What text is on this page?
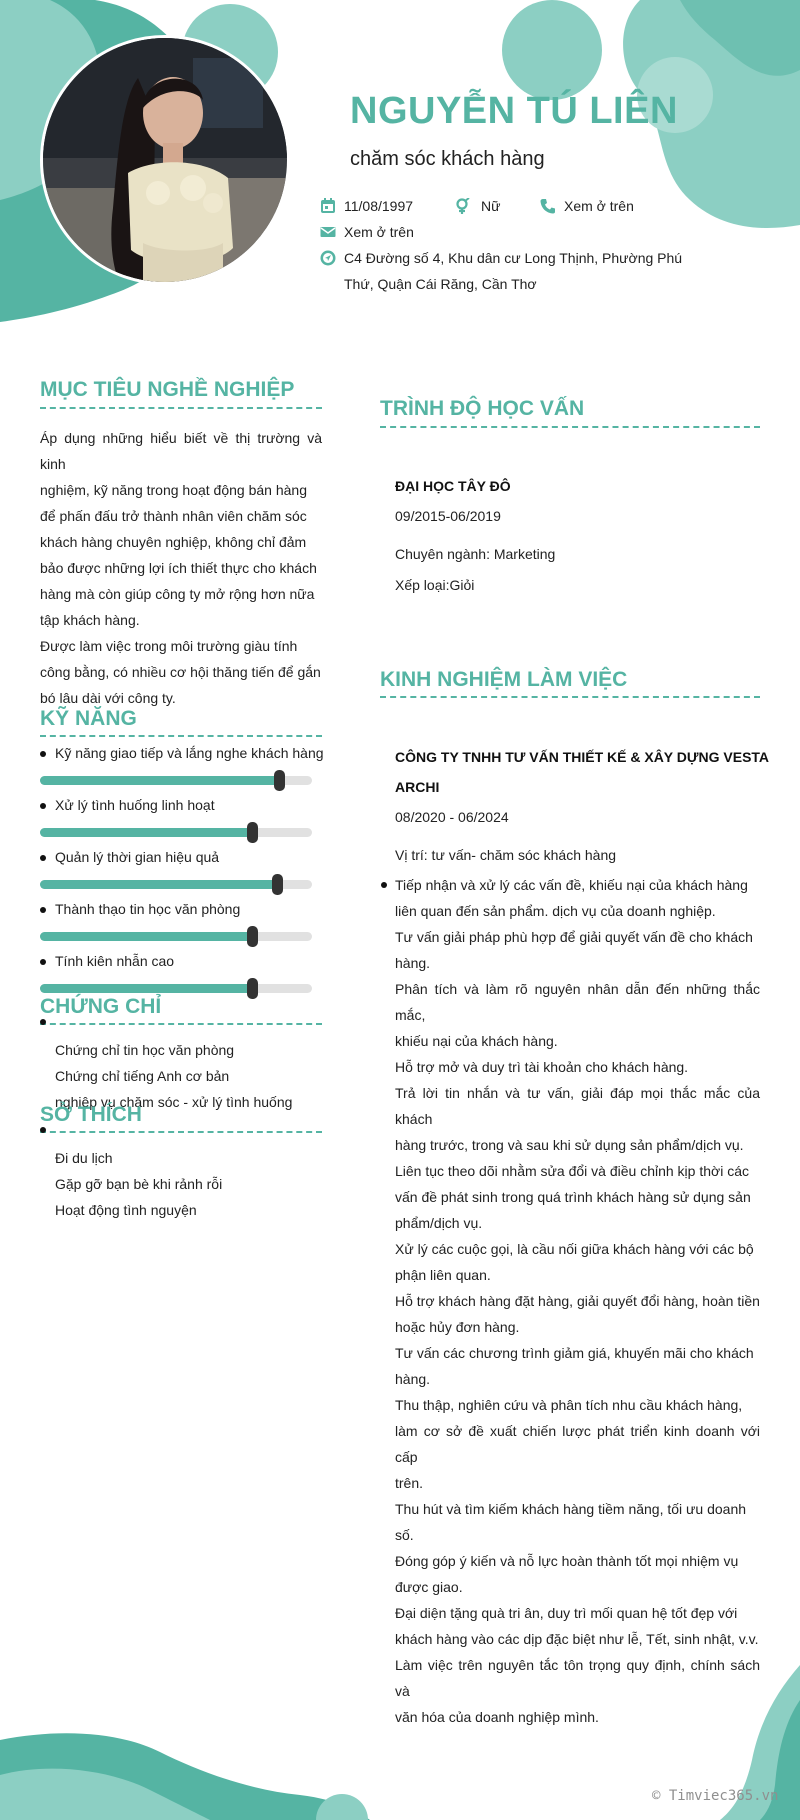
NGUYỄN TÚ LIÊN
chăm sóc khách hàng
11/08/1997	Nữ	Xem ở trên
Xem ở trên
C4 Đường số 4, Khu dân cư Long Thịnh, Phường Phú
Thứ, Quận Cái Răng, Cần Thơ
MỤC TIÊU NGHỀ NGHIỆP
Áp dụng những hiểu biết về thị trường và kinh
nghiệm, kỹ năng trong hoạt động bán hàng
để phấn đấu trở thành nhân viên chăm sóc
khách hàng chuyên nghiệp, không chỉ đảm
bảo được những lợi ích thiết thực cho khách
hàng mà còn giúp công ty mở rộng hơn nữa
tập khách hàng.
Được làm việc trong môi trường giàu tính
công bằng, có nhiều cơ hội thăng tiến để gắn
bó lâu dài với công ty.
KỸ NĂNG
Kỹ năng giao tiếp và lắng nghe khách hàng
Xử lý tình huống linh hoạt
Quản lý thời gian hiệu quả
Thành thạo tin học văn phòng
Tính kiên nhẫn cao
CHỨNG CHỈ
Chứng chỉ tin học văn phòng
Chứng chỉ tiếng Anh cơ bản
nghiệp vụ chăm sóc - xử lý tình huống
SỞ THÍCH
Đi du lịch
Gặp gỡ bạn bè khi rảnh rỗi
Hoạt động tình nguyện
TRÌNH ĐỘ HỌC VẤN
ĐẠI HỌC TÂY ĐÔ
09/2015-06/2019
Chuyên ngành: Marketing
Xếp loại:Giỏi
KINH NGHIỆM LÀM VIỆC
CÔNG TY TNHH TƯ VẤN THIẾT KẾ & XÂY DỰNG VESTA
ARCHI
08/2020 - 06/2024
Vị trí: tư vấn- chăm sóc khách hàng
Tiếp nhận và xử lý các vấn đề, khiếu nại của khách hàng
liên quan đến sản phẩm. dịch vụ của doanh nghiệp.
Tư vấn giải pháp phù hợp để giải quyết vấn đề cho khách
hàng.
Phân tích và làm rõ nguyên nhân dẫn đến những thắc mắc,
khiếu nại của khách hàng.
Hỗ trợ mở và duy trì tài khoản cho khách hàng.
Trả lời tin nhắn và tư vấn, giải đáp mọi thắc mắc của khách
hàng trước, trong và sau khi sử dụng sản phẩm/dịch vụ.
Liên tục theo dõi nhằm sửa đổi và điều chỉnh kịp thời các
vấn đề phát sinh trong quá trình khách hàng sử dụng sản
phẩm/dịch vụ.
Xử lý các cuộc gọi, là cầu nối giữa khách hàng với các bộ
phận liên quan.
Hỗ trợ khách hàng đặt hàng, giải quyết đổi hàng, hoàn tiền
hoặc hủy đơn hàng.
Tư vấn các chương trình giảm giá, khuyến mãi cho khách
hàng.
Thu thập, nghiên cứu và phân tích nhu cầu khách hàng,
làm cơ sở đề xuất chiến lược phát triển kinh doanh với cấp
trên.
Thu hút và tìm kiếm khách hàng tiềm năng, tối ưu doanh
số.
Đóng góp ý kiến và nỗ lực hoàn thành tốt mọi nhiệm vụ
được giao.
Đại diện tặng quà tri ân, duy trì mối quan hệ tốt đẹp với
khách hàng vào các dịp đặc biệt như lễ, Tết, sinh nhật, v.v.
Làm việc trên nguyên tắc tôn trọng quy định, chính sách và
văn hóa của doanh nghiệp mình.
© Timviec365.vn
